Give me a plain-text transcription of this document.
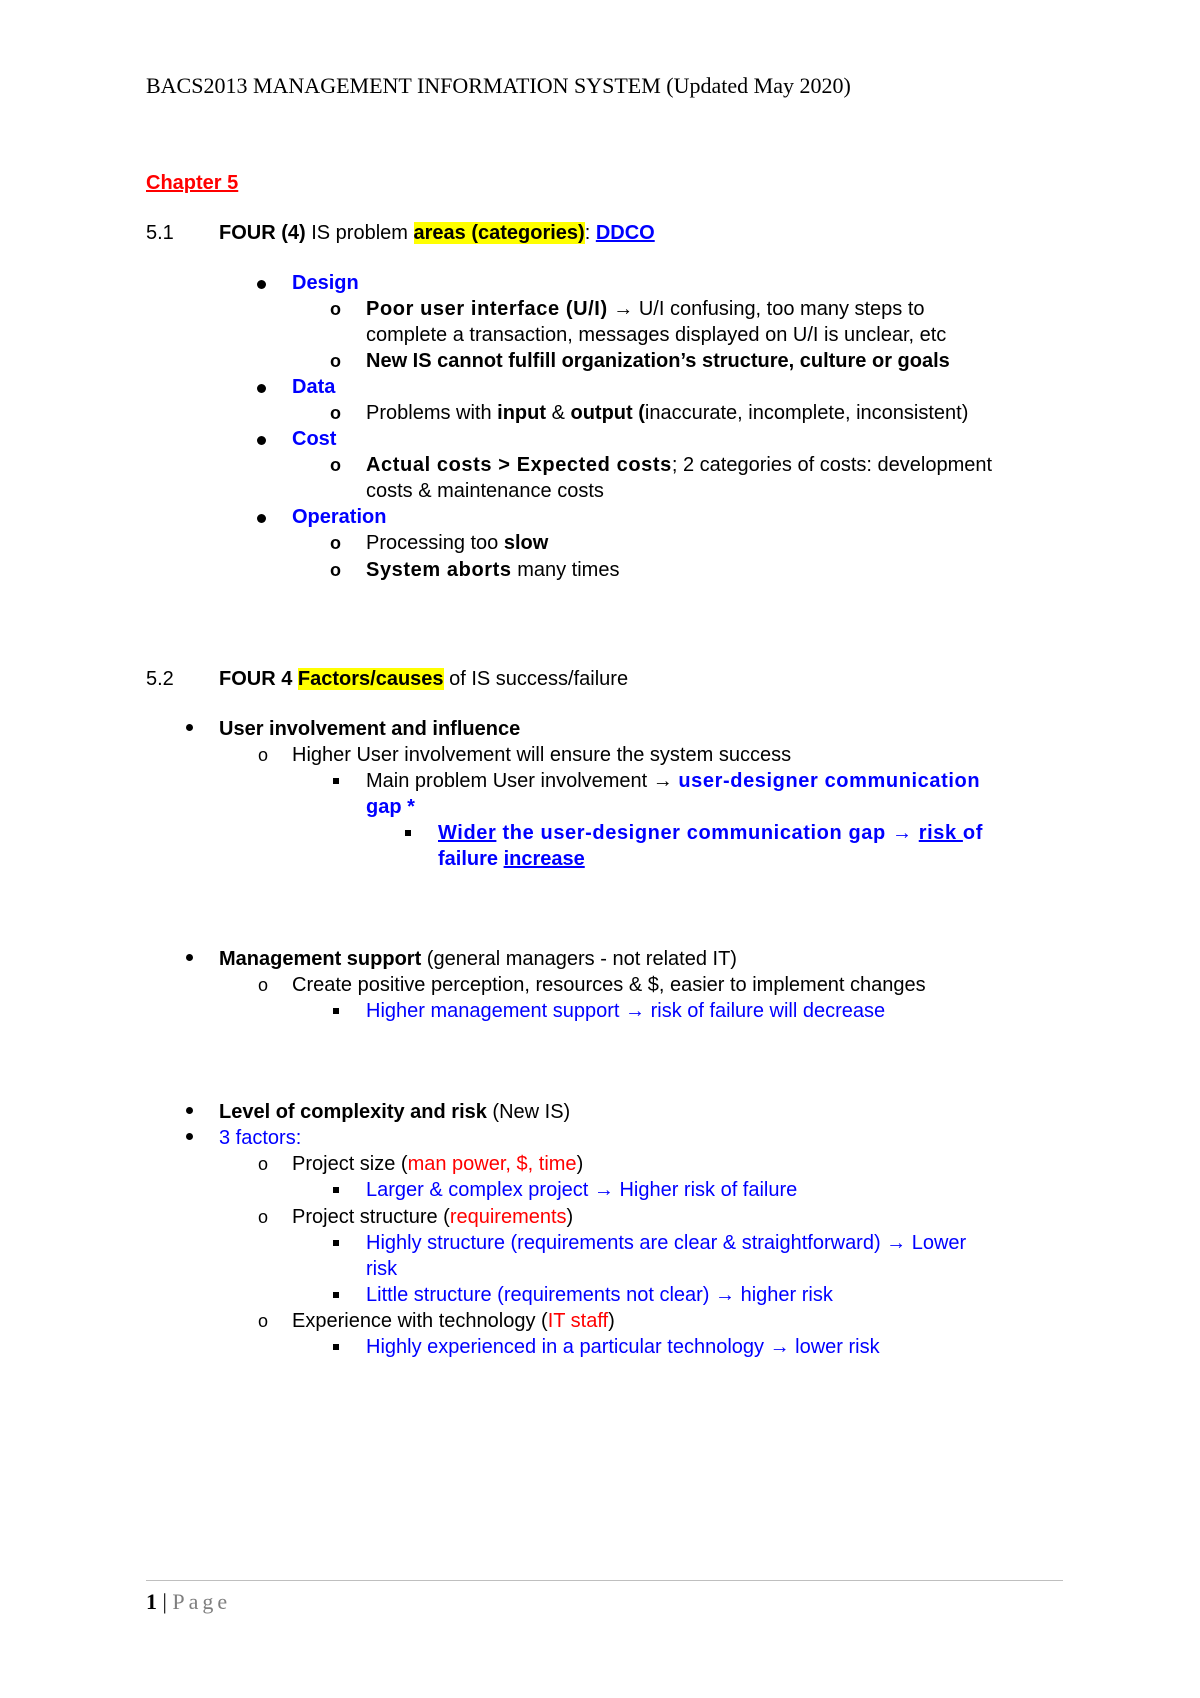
BACS2013 MANAGEMENT INFORMATION SYSTEM (Updated May 2020)
Chapter 5
5.1 FOUR (4) IS problem areas (categories): DDCO
Design
o Poor user interface (U/I) → U/I confusing, too many steps to
complete a transaction, messages displayed on U/I is unclear, etc
o New IS cannot fulfill organization’s structure, culture or goals
Data
o Problems with input & output (inaccurate, incomplete, inconsistent)
Cost
o Actual costs > Expected costs; 2 categories of costs: development
costs & maintenance costs
Operation
o Processing too slow
o System aborts many times
5.2 FOUR 4 Factors/causes of IS success/failure
User involvement and influence
o Higher User involvement will ensure the system success
Main problem User involvement → user-designer communication
gap *
Wider the user-designer communication gap → risk of
failure increase
Management support (general managers - not related IT)
o Create positive perception, resources & $, easier to implement changes
Higher management support → risk of failure will decrease
Level of complexity and risk (New IS)
3 factors:
o Project size (man power, $, time)
Larger & complex project → Higher risk of failure
o Project structure (requirements)
Highly structure (requirements are clear & straightforward) → Lower
risk
Little structure (requirements not clear) → higher risk
o Experience with technology (IT staff)
Highly experienced in a particular technology → lower risk
1 | Page
